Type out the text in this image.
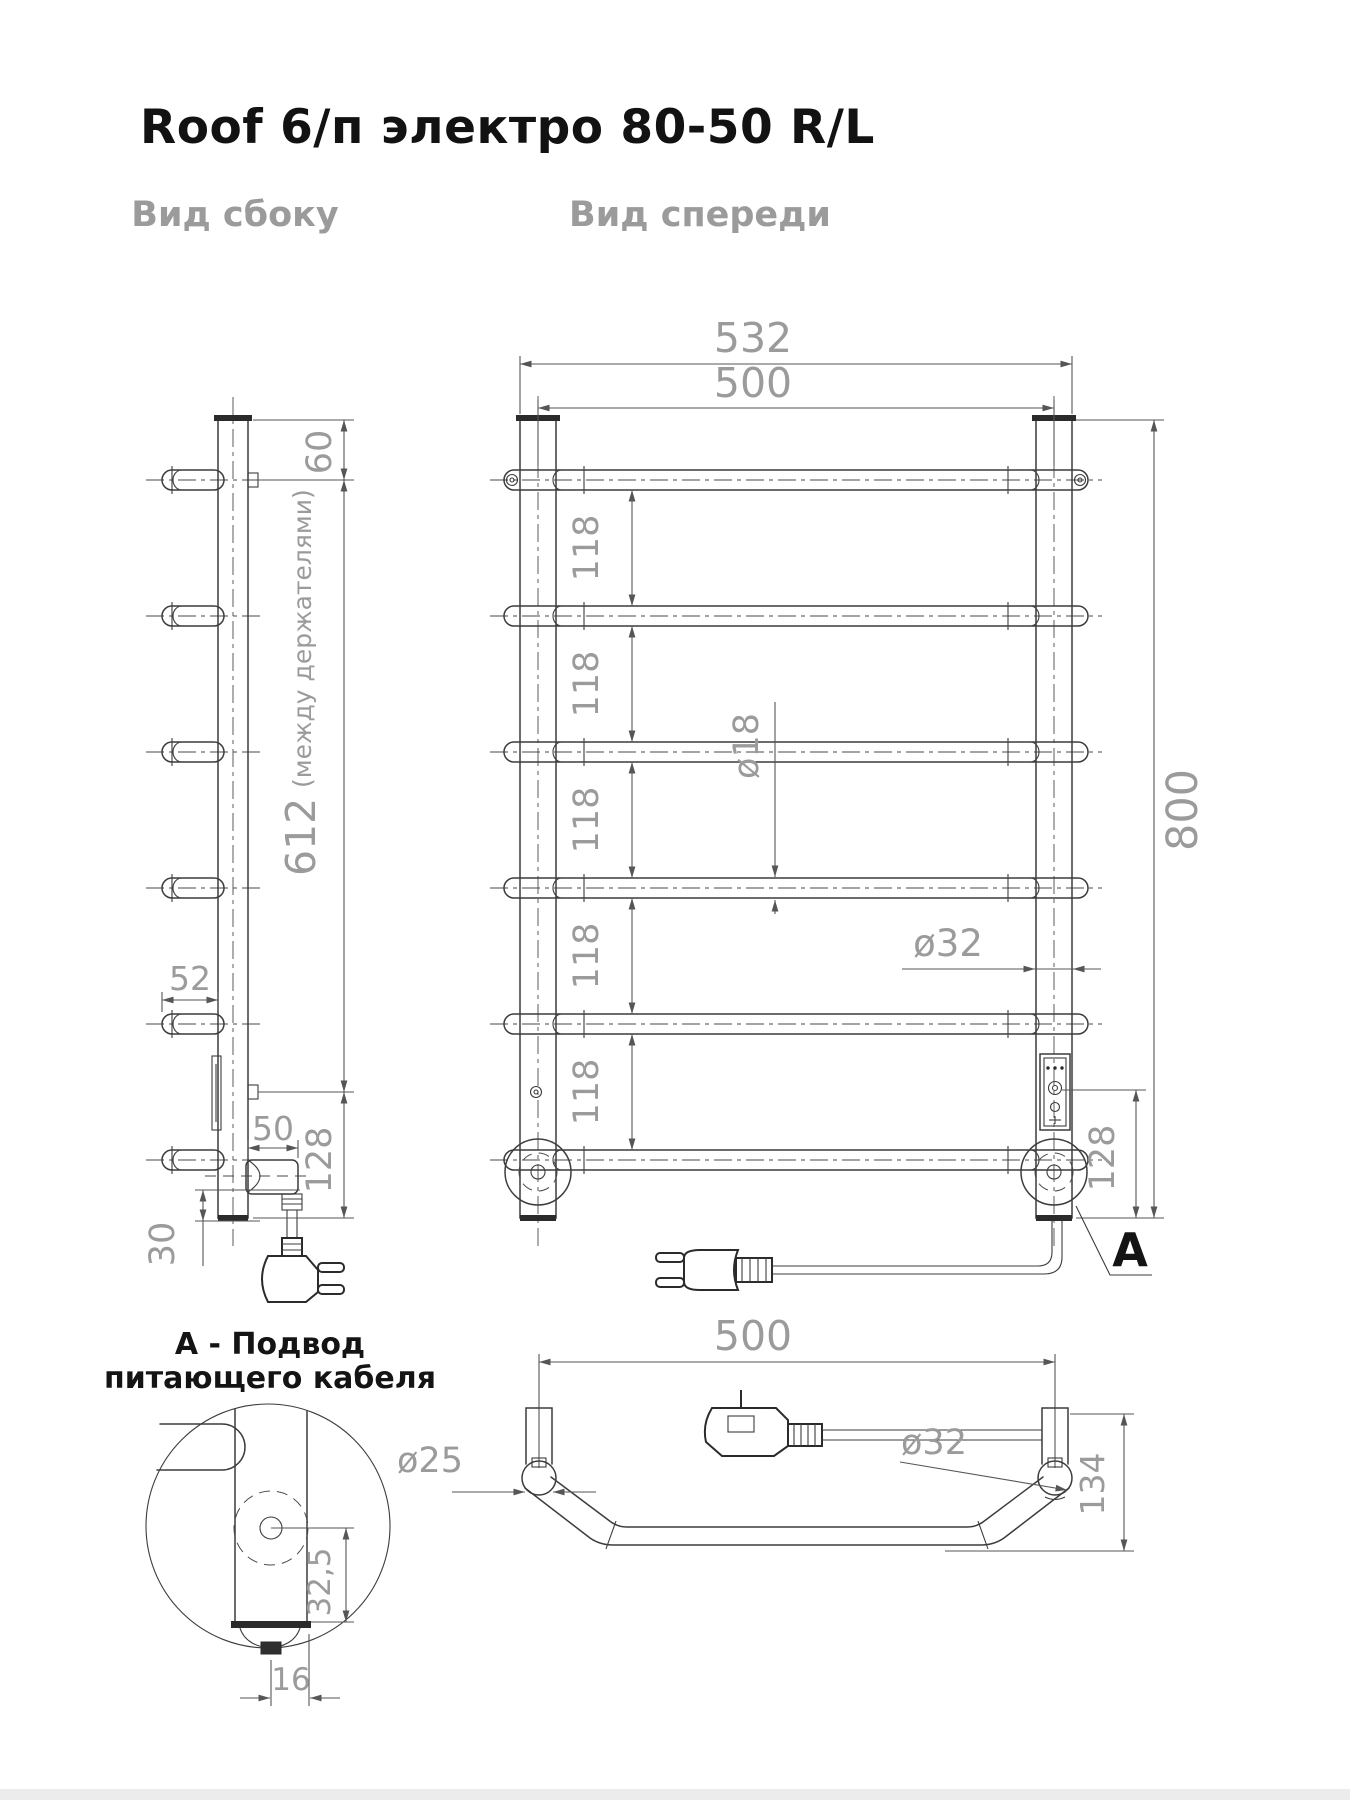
Roof 6/п электро 80-50 R/L
Вид сбоку	Вид спереди
60
612
(между держателями)
128
52
50
30
532
500
800
128
118
118
118
118
118
ø18
ø32
A
А - Подвод
питающего кабеля
32,5
16
500
ø25	ø32
134
